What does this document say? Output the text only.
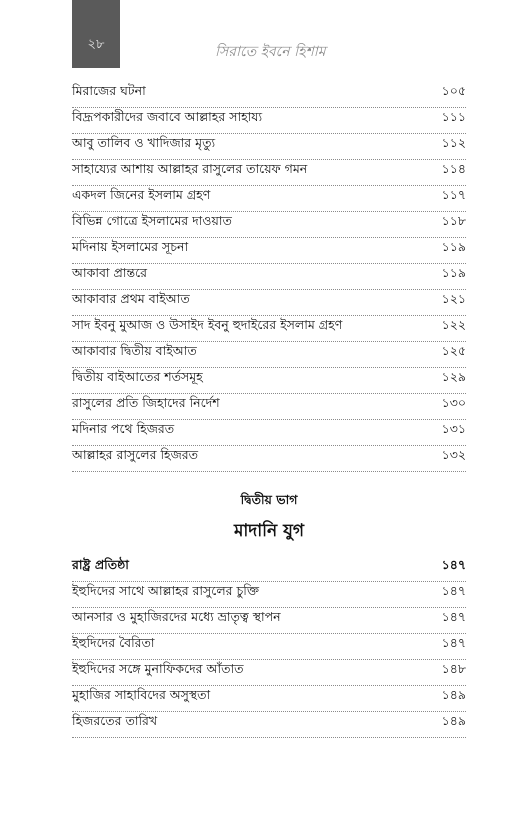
২৮	সিরাতে ইবনে হিশাম
মিরাজের ঘটনা	১০৫
বিদ্রূপকারীদের জবাবে আল্লাহর সাহায্য	১১১
আবু তালিব ও খাদিজার মৃত্যু	১১২
সাহায্যের আশায় আল্লাহর রাসুলের তায়েফ গমন	১১৪
একদল জিনের ইসলাম গ্রহণ	১১৭
বিভিন্ন গোত্রে ইসলামের দাওয়াত	১১৮
মদিনায় ইসলামের সূচনা	১১৯
আকাবা প্রান্তরে	১১৯
আকাবার প্রথম বাইআত	১২১
সাদ ইবনু মুআজ ও উসাইদ ইবনু হুদাইরের ইসলাম গ্রহণ	১২২
আকাবার দ্বিতীয় বাইআত	১২৫
দ্বিতীয় বাইআতের শর্তসমূহ	১২৯
রাসুলের প্রতি জিহাদের নির্দেশ	১৩০
মদিনার পথে হিজরত	১৩১
আল্লাহর রাসুলের হিজরত	১৩২
দ্বিতীয় ভাগ
মাদানি যুগ
রাষ্ট্র প্রতিষ্ঠা	১৪৭
ইহুদিদের সাথে আল্লাহর রাসুলের চুক্তি	১৪৭
আনসার ও মুহাজিরদের মধ্যে ভ্রাতৃত্ব স্থাপন	১৪৭
ইহুদিদের বৈরিতা	১৪৭
ইহুদিদের সঙ্গে মুনাফিকদের আঁতাত	১৪৮
মুহাজির সাহাবিদের অসুস্থতা	১৪৯
হিজরতের তারিখ	১৪৯
